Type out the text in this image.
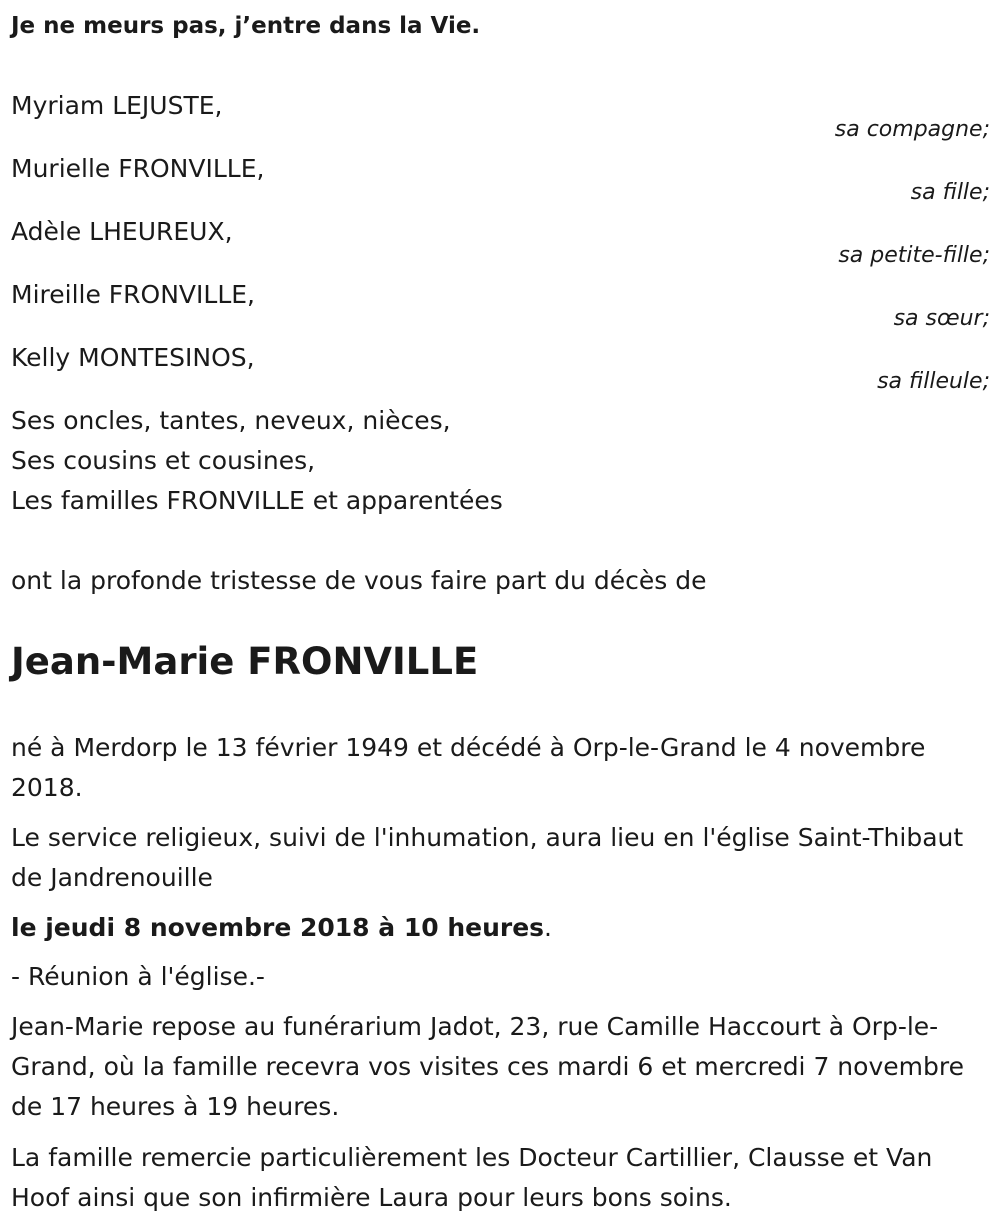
Je ne meurs pas, j’entre dans la Vie.
Myriam LEJUSTE,
sa compagne;
Murielle FRONVILLE,
sa fille;
Adèle LHEUREUX,
sa petite-fille;
Mireille FRONVILLE,
sa sœur;
Kelly MONTESINOS,
sa filleule;
Ses oncles, tantes, neveux, nièces,
Ses cousins et cousines,
Les familles FRONVILLE et apparentées
ont la profonde tristesse de vous faire part du décès de
Jean-Marie FRONVILLE
né à Merdorp le 13 février 1949 et décédé à Orp-le-Grand le 4 novembre 2018.
Le service religieux, suivi de l'inhumation, aura lieu en l'église Saint-Thibaut de Jandrenouille
le jeudi 8 novembre 2018 à 10 heures.
- Réunion à l'église.-
Jean-Marie repose au funérarium Jadot, 23, rue Camille Haccourt à Orp-le-Grand, où la famille recevra vos visites ces mardi 6 et mercredi 7 novembre de 17 heures à 19 heures.
La famille remercie particulièrement les Docteur Cartillier, Clausse et Van Hoof ainsi que son infirmière Laura pour leurs bons soins.
